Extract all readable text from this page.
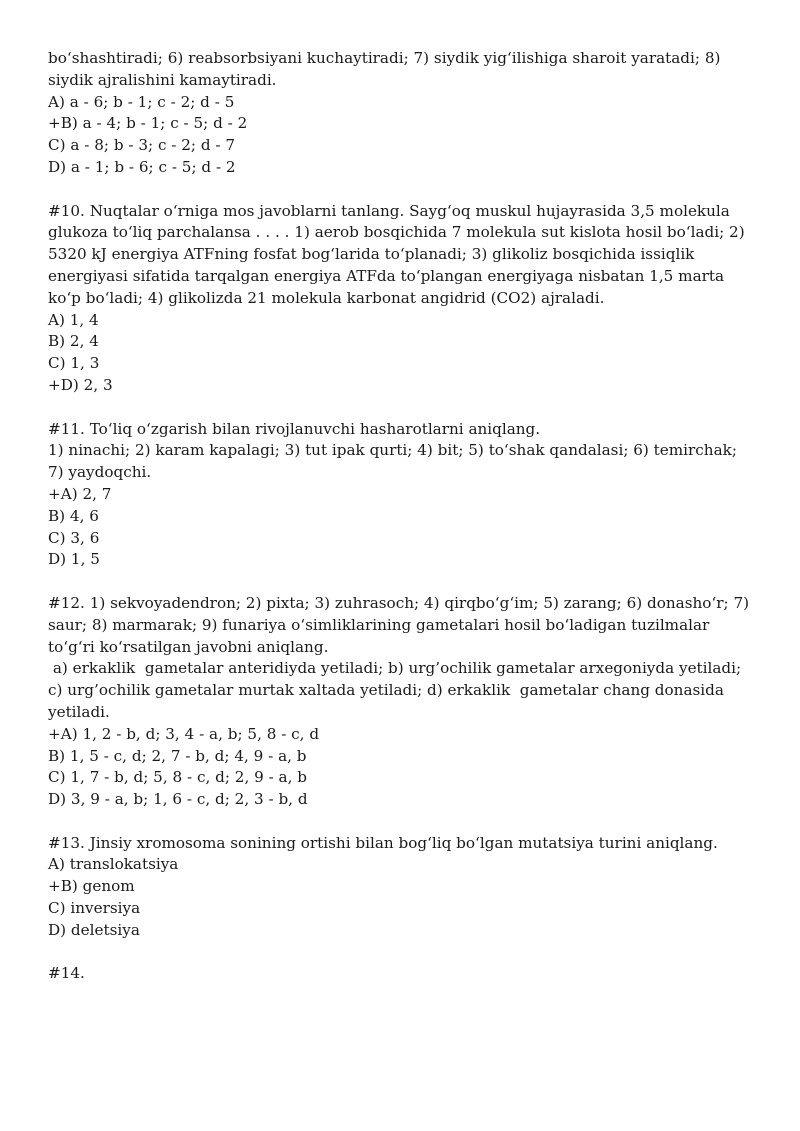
bo‘shashtiradi; 6) reabsorbsiyani kuchaytiradi; 7) siydik yig‘ilishiga sharoit yaratadi; 8) siydik ajralishini kamaytiradi.

A) a - 6; b - 1; c - 2; d - 5

+B) a - 4; b - 1; c - 5; d - 2

C) a - 8; b - 3; c - 2; d - 7

D) a - 1; b - 6; c - 5; d - 2

#10. Nuqtalar o‘rniga mos javoblarni tanlang. Sayg‘oq muskul hujayrasida 3,5 molekula glukoza to‘liq parchalansa . . . . 1) aerob bosqichida 7 molekula sut kislota hosil bo‘ladi; 2) 5320 kJ energiya ATFning fosfat bog‘larida to‘planadi; 3) glikoliz bosqichida issiqlik energiyasi sifatida tarqalgan energiya ATFda to‘plangan energiyaga nisbatan 1,5 marta ko‘p bo‘ladi; 4) glikolizda 21 molekula karbonat angidrid (CO2) ajraladi.

A) 1, 4

B) 2, 4

C) 1, 3

+D) 2, 3

#11. To‘liq o‘zgarish bilan rivojlanuvchi hasharotlarni aniqlang.

1) ninachi; 2) karam kapalagi; 3) tut ipak qurti; 4) bit; 5) to‘shak qandalasi; 6) temirchak; 7) yaydoqchi.

+A) 2, 7

B) 4, 6

C) 3, 6

D) 1, 5

#12. 1) sekvoyadendron; 2) pixta; 3) zuhrasoch; 4) qirqbo‘g‘im; 5) zarang; 6) donasho‘r; 7) saur; 8) marmarak; 9) funariya o‘simliklarining gametalari hosil bo‘ladigan tuzilmalar to‘g‘ri ko‘rsatilgan javobni aniqlang.

a) erkaklik  gametalar anteridiyda yetiladi; b) urg’ochilik gametalar arxegoniyda yetiladi; c) urg’ochilik gametalar murtak xaltada yetiladi; d) erkaklik  gametalar chang donasida yetiladi.

+A) 1, 2 - b, d; 3, 4 - a, b; 5, 8 - c, d

B) 1, 5 - c, d; 2, 7 - b, d; 4, 9 - a, b

C) 1, 7 - b, d; 5, 8 - c, d; 2, 9 - a, b

D) 3, 9 - a, b; 1, 6 - c, d; 2, 3 - b, d

#13. Jinsiy xromosoma sonining ortishi bilan bog‘liq bo‘lgan mutatsiya turini aniqlang.

A) translokatsiya

+B) genom

C) inversiya

D) deletsiya

#14.
